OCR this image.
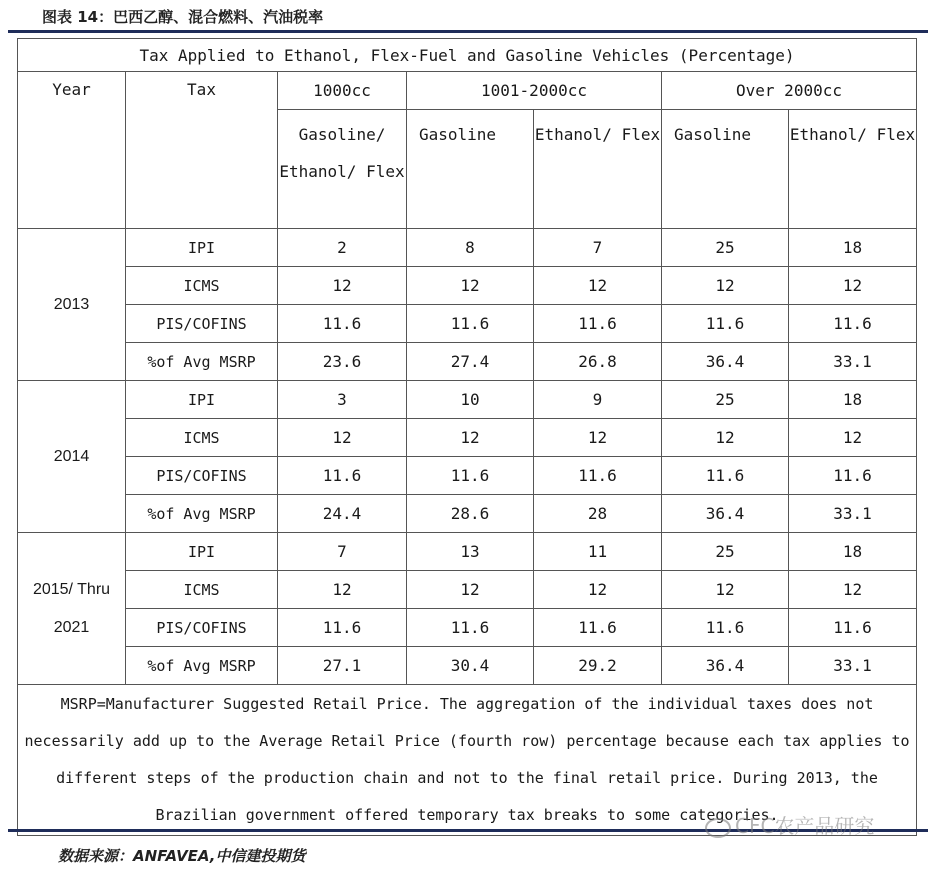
图表 14：巴西乙醇、混合燃料、汽油税率
Tax Applied to Ethanol, Flex-Fuel and Gasoline Vehicles (Percentage)						
Year	Tax	1000cc	1001-2000cc		Over 2000cc	
		Gasoline/ Ethanol/ Flex	Gasoline	Ethanol/ Flex	Gasoline	Ethanol/ Flex
2013	IPI	2	8	7	25	18
	ICMS	12	12	12	12	12
	PIS/COFINS	11.6	11.6	11.6	11.6	11.6
	%of Avg MSRP	23.6	27.4	26.8	36.4	33.1
2014	IPI	3	10	9	25	18
	ICMS	12	12	12	12	12
	PIS/COFINS	11.6	11.6	11.6	11.6	11.6
	%of Avg MSRP	24.4	28.6	28	36.4	33.1
2015/ Thru 2021	IPI	7	13	11	25	18
	ICMS	12	12	12	12	12
	PIS/COFINS	11.6	11.6	11.6	11.6	11.6
	%of Avg MSRP	27.1	30.4	29.2	36.4	33.1
MSRP=Manufacturer Suggested Retail Price. The aggregation of the individual taxes does not necessarily add up to the Average Retail Price (fourth row) percentage because each tax applies to different steps of the production chain and not to the final retail price. During 2013, the Brazilian government offered temporary tax breaks to some categories.						
CFC农产品研究
数据来源：ANFAVEA,中信建投期货
